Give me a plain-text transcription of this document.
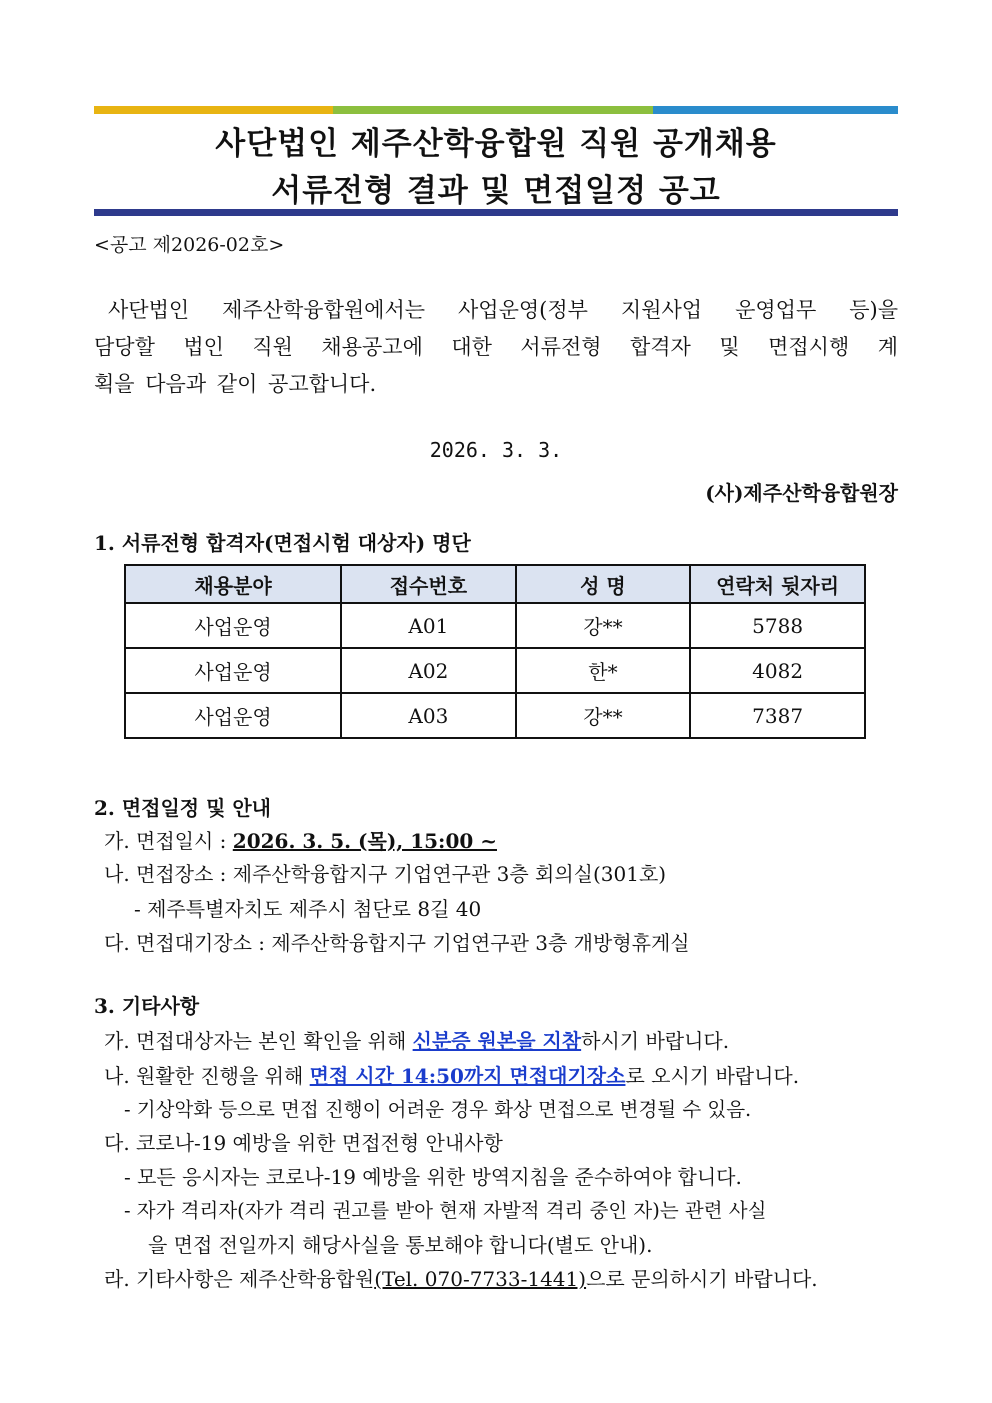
사단법인 제주산학융합원 직원 공개채용
서류전형 결과 및 면접일정 공고
<공고 제2026-02호>
사단법인 제주산학융합원에서는 사업운영(정부 지원사업 운영업무 등)을
담당할 법인 직원 채용공고에 대한 서류전형 합격자 및 면접시행 계
획을 다음과 같이 공고합니다.
2026. 3. 3.
(사)제주산학융합원장
1. 서류전형 합격자(면접시험 대상자) 명단
채용분야	접수번호	성 명	연락처 뒷자리
사업운영	A01	강**	5788
사업운영	A02	한*	4082
사업운영	A03	강**	7387
2. 면접일정 및 안내
가. 면접일시 : 2026. 3. 5. (목), 15:00 ~
나. 면접장소 : 제주산학융합지구 기업연구관 3층 회의실(301호)
- 제주특별자치도 제주시 첨단로 8길 40
다. 면접대기장소 : 제주산학융합지구 기업연구관 3층 개방형휴게실
3. 기타사항
가. 면접대상자는 본인 확인을 위해 신분증 원본을 지참하시기 바랍니다.
나. 원활한 진행을 위해 면접 시간 14:50까지 면접대기장소로 오시기 바랍니다.
- 기상악화 등으로 면접 진행이 어려운 경우 화상 면접으로 변경될 수 있음.
다. 코로나-19 예방을 위한 면접전형 안내사항
- 모든 응시자는 코로나-19 예방을 위한 방역지침을 준수하여야 합니다.
- 자가 격리자(자가 격리 권고를 받아 현재 자발적 격리 중인 자)는 관련 사실
을 면접 전일까지 해당사실을 통보해야 합니다(별도 안내).
라. 기타사항은 제주산학융합원(Tel. 070-7733-1441)으로 문의하시기 바랍니다.
